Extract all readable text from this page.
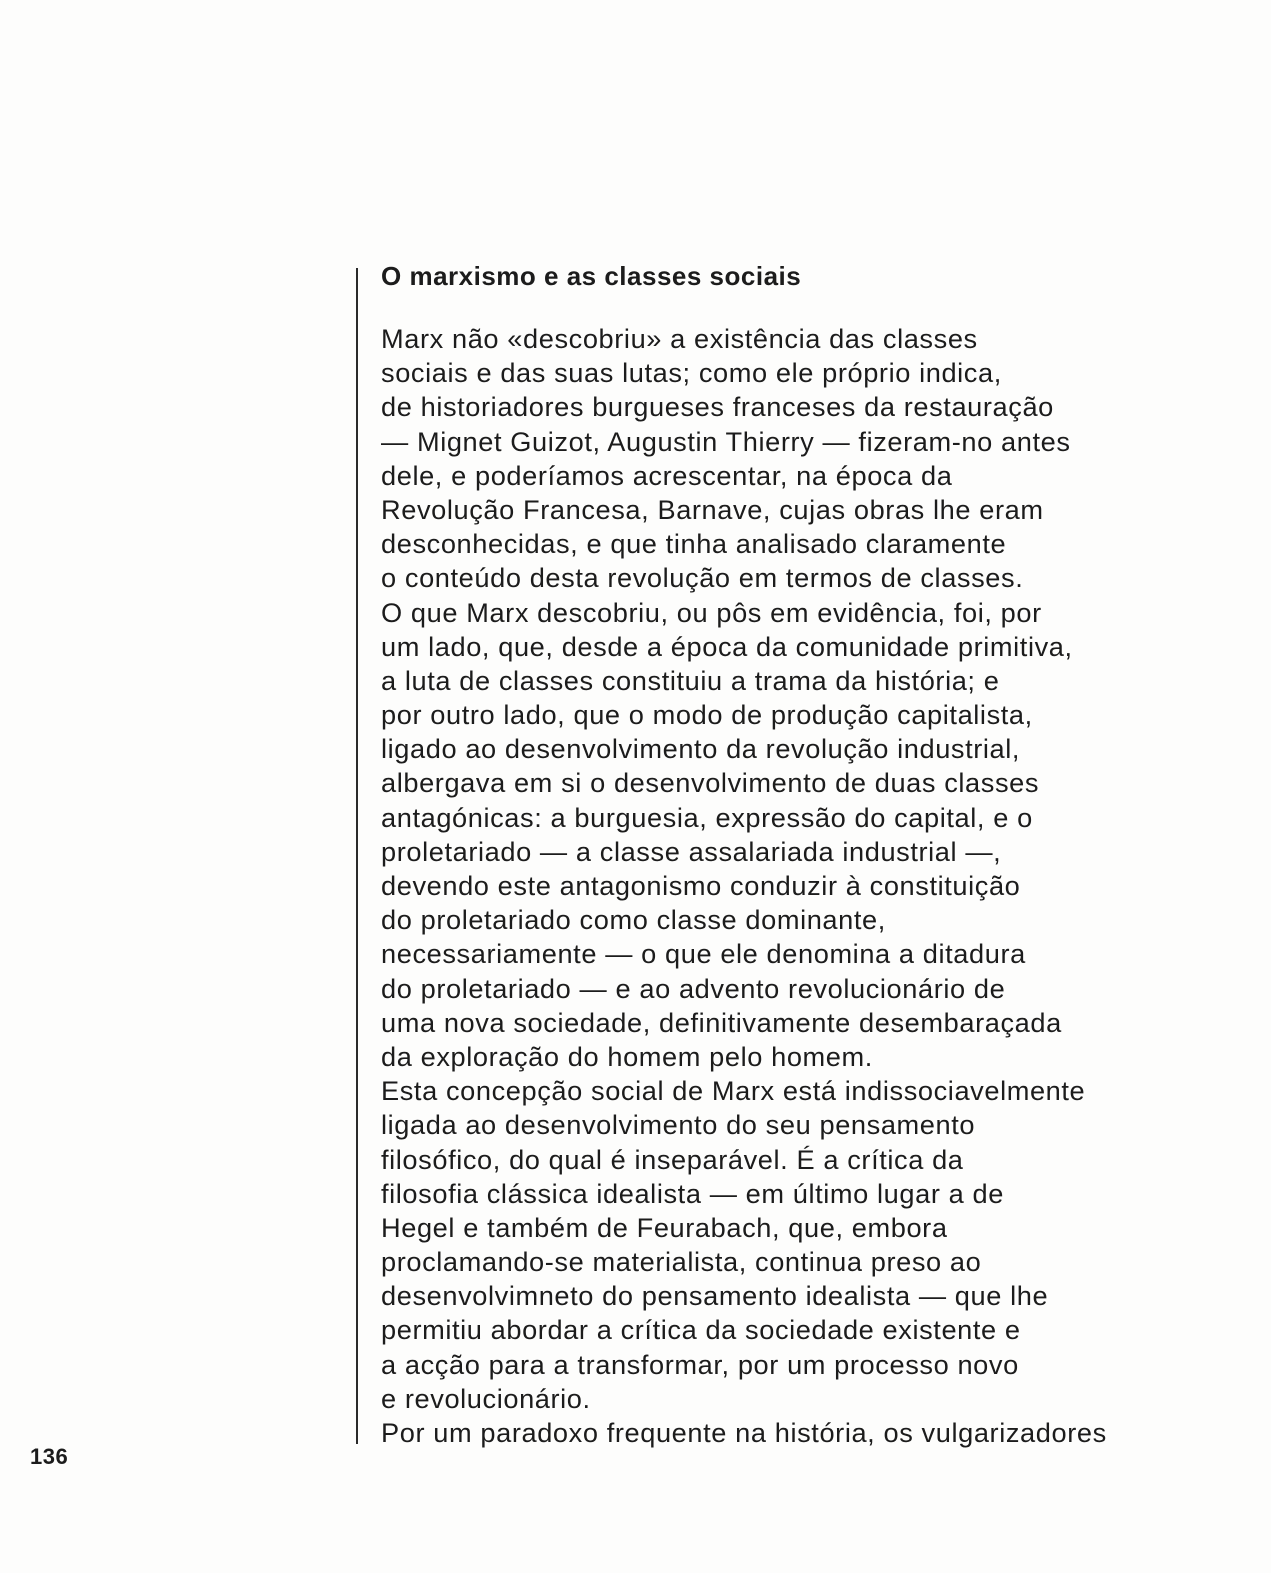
O marxismo e as classes sociais
Marx não «descobriu» a existência das classes
sociais e das suas lutas; como ele próprio indica,
de historiadores burgueses franceses da restauração
— Mignet Guizot, Augustin Thierry — fizeram-no antes
dele, e poderíamos acrescentar, na época da
Revolução Francesa, Barnave, cujas obras lhe eram
desconhecidas, e que tinha analisado claramente
o conteúdo desta revolução em termos de classes.
O que Marx descobriu, ou pôs em evidência, foi, por
um lado, que, desde a época da comunidade primitiva,
a luta de classes constituiu a trama da história; e
por outro lado, que o modo de produção capitalista,
ligado ao desenvolvimento da revolução industrial,
albergava em si o desenvolvimento de duas classes
antagónicas: a burguesia, expressão do capital, e o
proletariado — a classe assalariada industrial —,
devendo este antagonismo conduzir à constituição
do proletariado como classe dominante,
necessariamente — o que ele denomina a ditadura
do proletariado — e ao advento revolucionário de
uma nova sociedade, definitivamente desembaraçada
da exploração do homem pelo homem.
Esta concepção social de Marx está indissociavelmente
ligada ao desenvolvimento do seu pensamento
filosófico, do qual é inseparável. É a crítica da
filosofia clássica idealista — em último lugar a de
Hegel e também de Feurabach, que, embora
proclamando-se materialista, continua preso ao
desenvolvimneto do pensamento idealista — que lhe
permitiu abordar a crítica da sociedade existente e
a acção para a transformar, por um processo novo
e revolucionário.
Por um paradoxo frequente na história, os vulgarizadores
136
